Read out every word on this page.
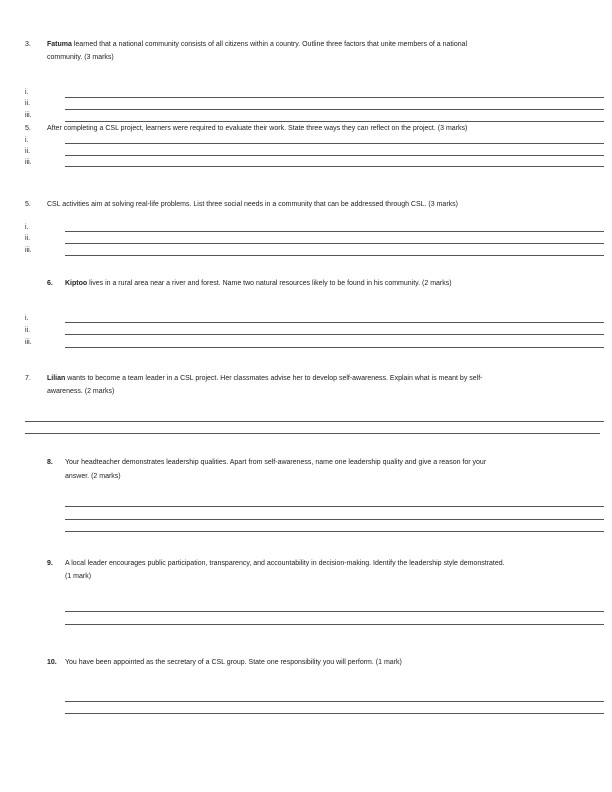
3. Fatuma learned that a national community consists of all citizens within a country. Outline three factors that unite members of a national
community. (3 marks)
i.
ii.
iii.
5. After completing a CSL project, learners were required to evaluate their work. State three ways they can reflect on the project. (3 marks)
i.
ii.
iii.
5. CSL activities aim at solving real-life problems. List three social needs in a community that can be addressed through CSL. (3 marks)
i.
ii.
iii.
6. Kiptoo lives in a rural area near a river and forest. Name two natural resources likely to be found in his community. (2 marks)
i.
ii.
iii.
7. Lilian wants to become a team leader in a CSL project. Her classmates advise her to develop self-awareness. Explain what is meant by self-
awareness. (2 marks)
8. Your headteacher demonstrates leadership qualities. Apart from self-awareness, name one leadership quality and give a reason for your
answer. (2 marks)
9. A local leader encourages public participation, transparency, and accountability in decision-making. Identify the leadership style demonstrated.
(1 mark)
10. You have been appointed as the secretary of a CSL group. State one responsibility you will perform. (1 mark)
